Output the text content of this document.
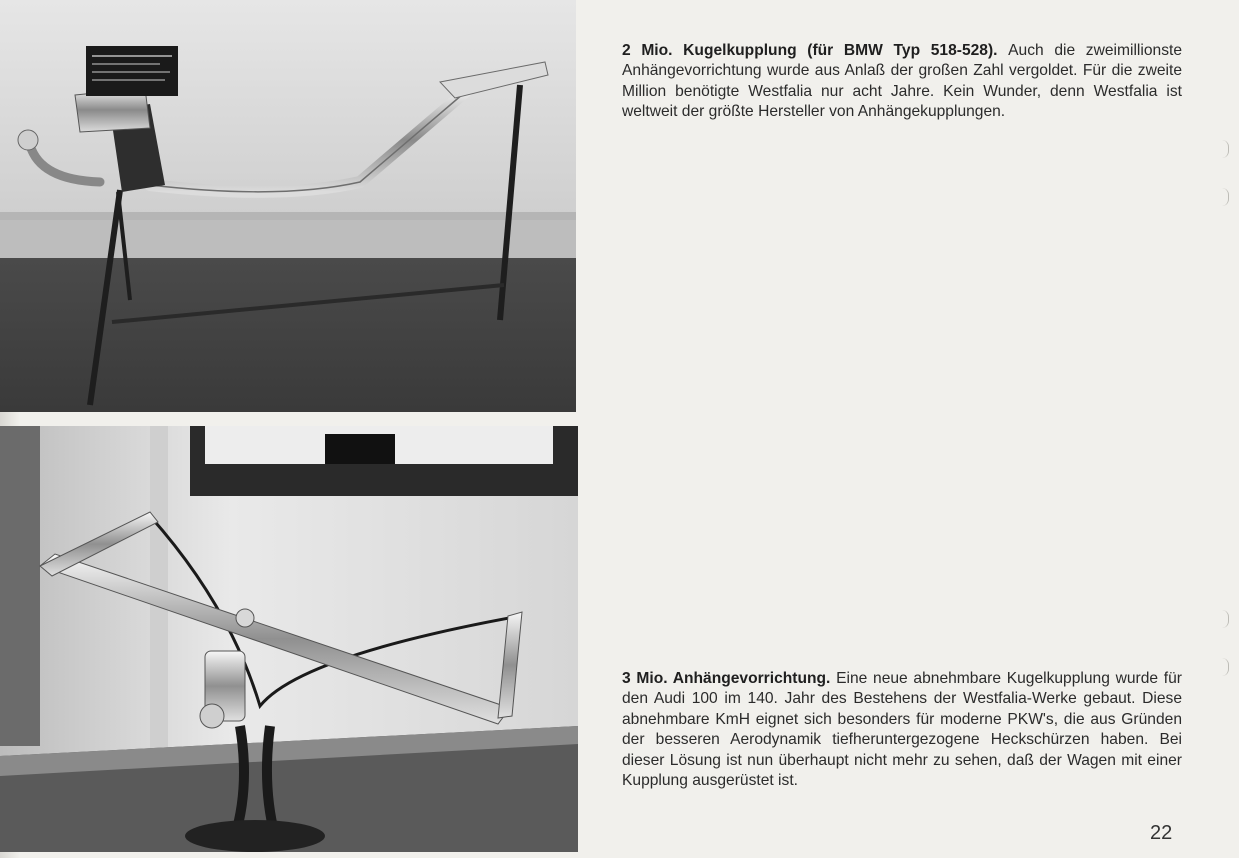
2 Mio. Kugelkupplung (für BMW Typ 518-528). Auch die zweimillionste Anhängevorrichtung wurde aus Anlaß der großen Zahl vergoldet. Für die zweite Million benötigte Westfalia nur acht Jahre. Kein Wunder, denn Westfalia ist weltweit der größte Hersteller von Anhängekupplungen.
3 Mio. Anhängevorrichtung. Eine neue abnehmbare Kugelkupplung wurde für den Audi 100 im 140. Jahr des Bestehens der Westfalia-Werke gebaut. Diese abnehmbare KmH eignet sich besonders für moderne PKW's, die aus Gründen der besseren Aerodynamik tiefheruntergezogene Heckschürzen haben. Bei dieser Lösung ist nun überhaupt nicht mehr zu sehen, daß der Wagen mit einer Kupplung ausgerüstet ist.
22
